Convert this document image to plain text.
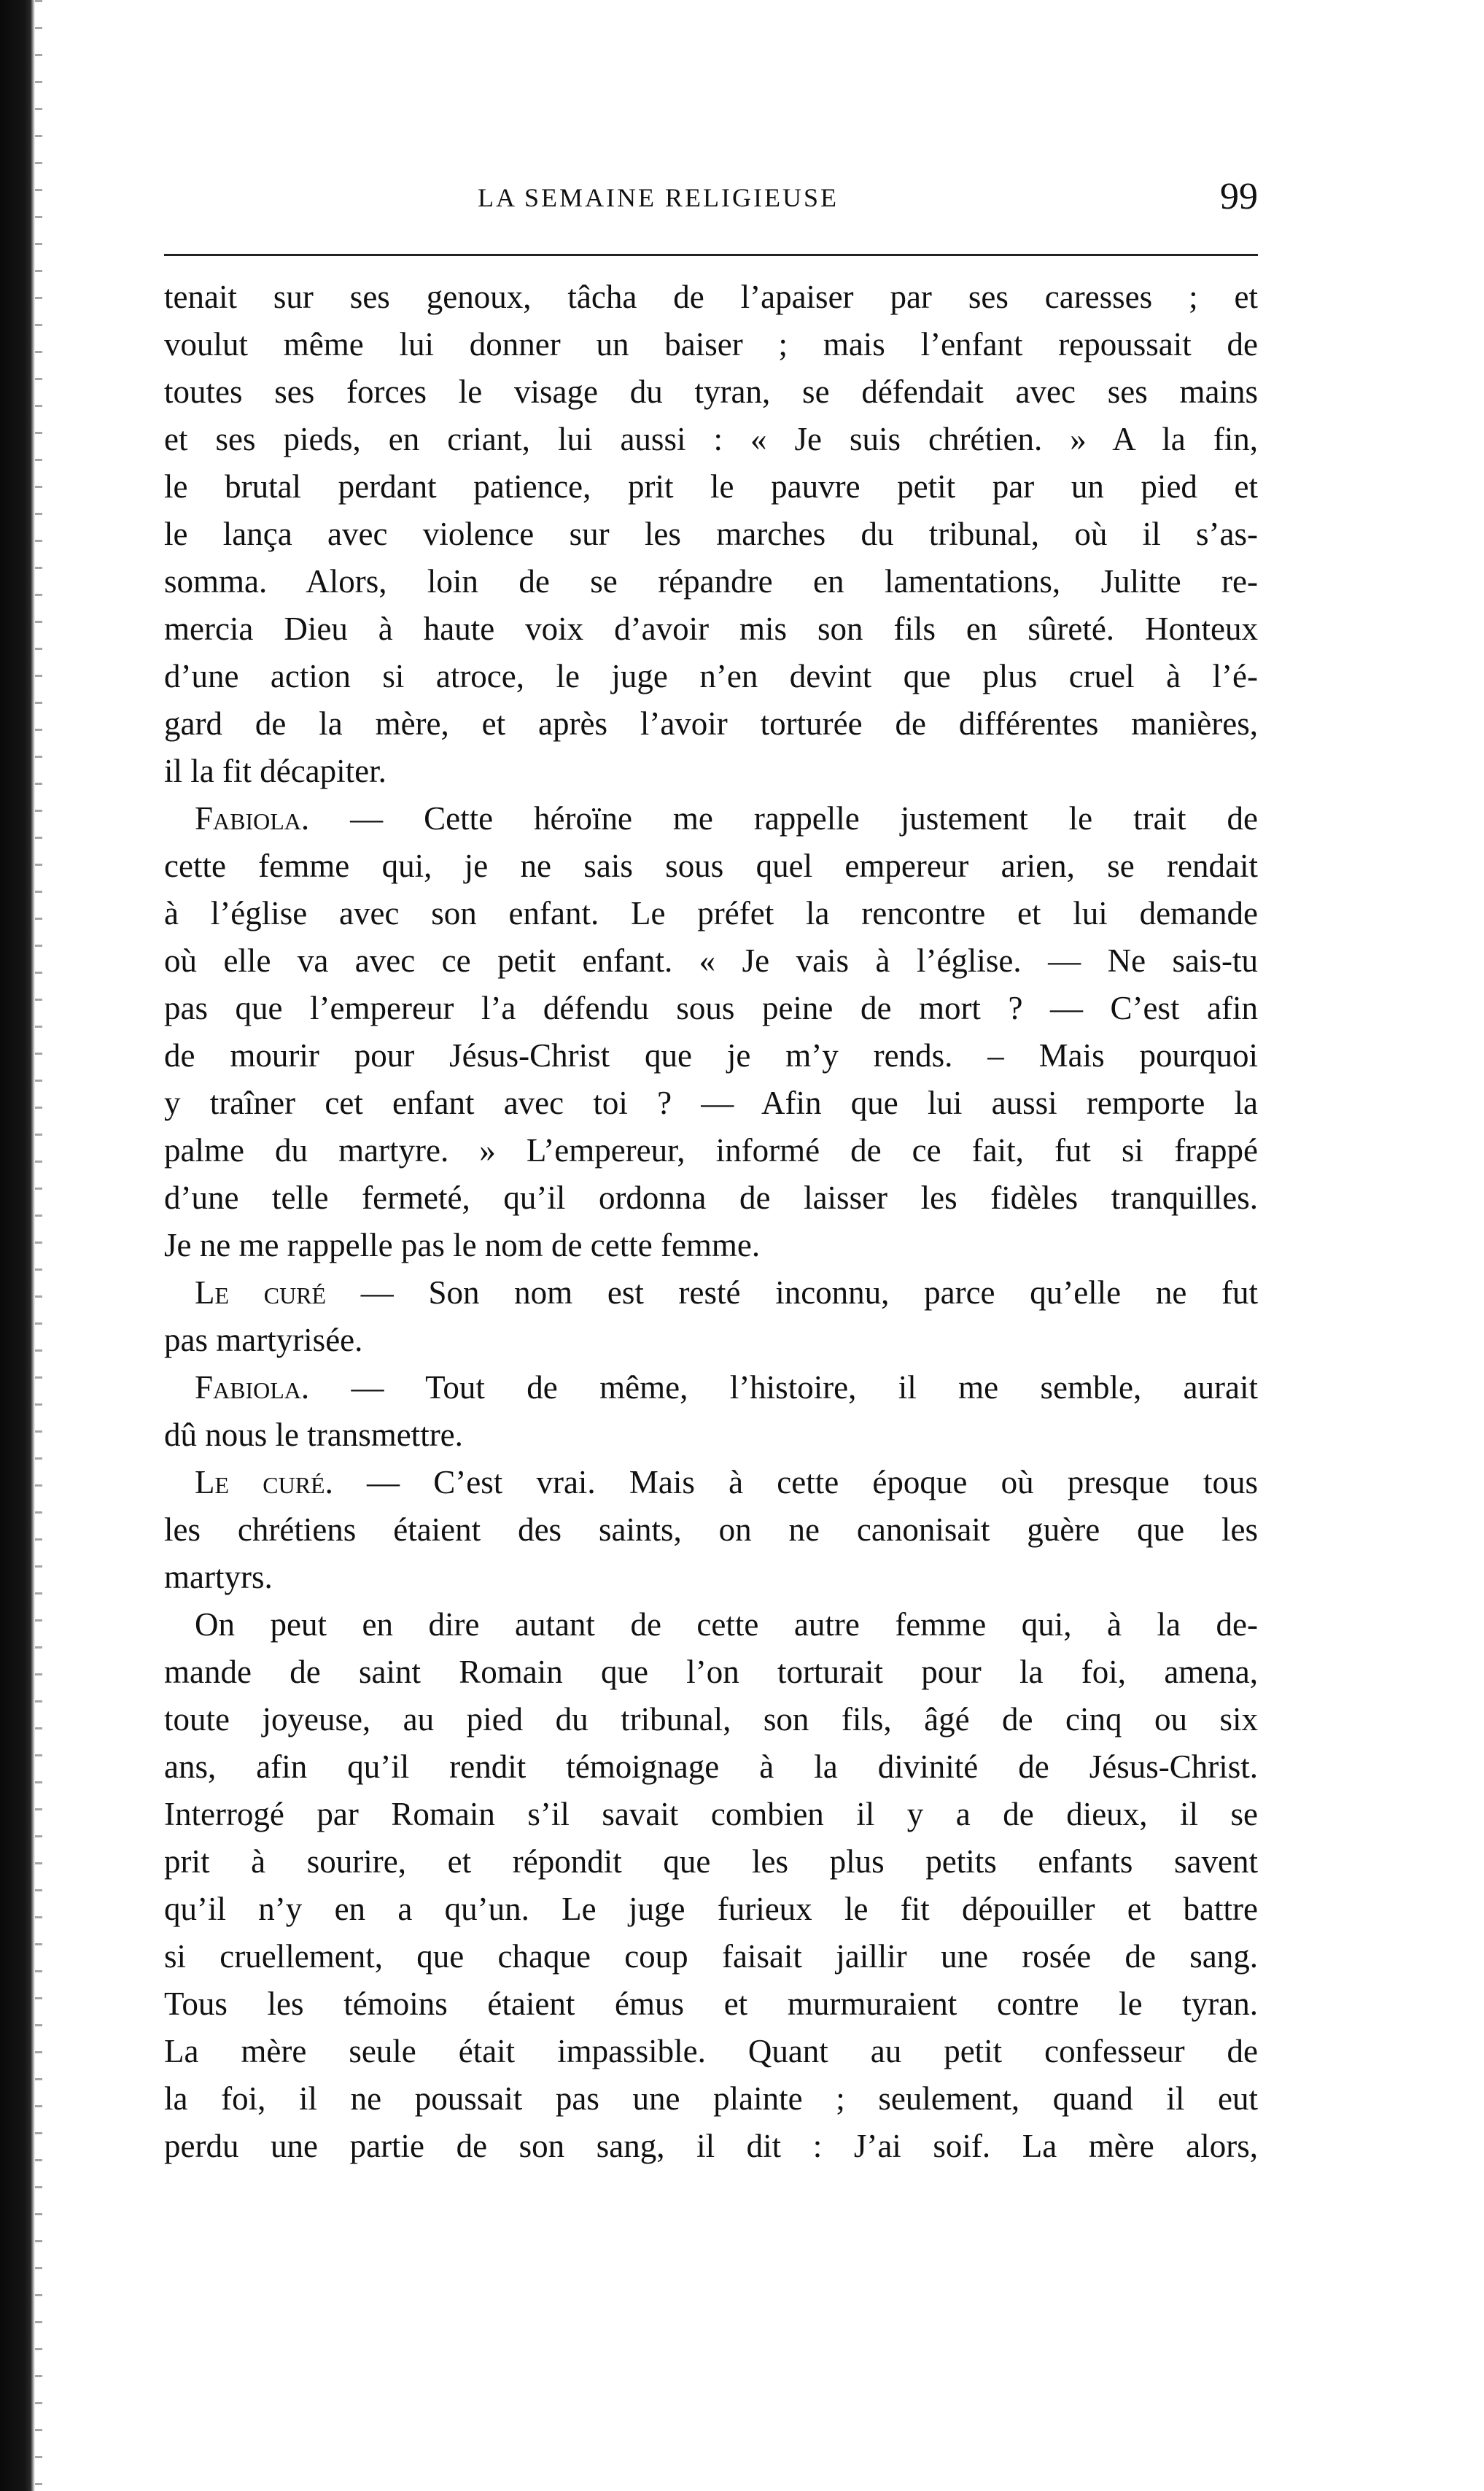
LA SEMAINE RELIGIEUSE	99
tenait sur ses genoux, tâcha de l’apaiser par ses caresses ; et
voulut même lui donner un baiser ; mais l’enfant repoussait de
toutes ses forces le visage du tyran, se défendait avec ses mains
et ses pieds, en criant, lui aussi : « Je suis chrétien. » A la fin,
le brutal perdant patience, prit le pauvre petit par un pied et
le lança avec violence sur les marches du tribunal, où il s’as-
somma. Alors, loin de se répandre en lamentations, Julitte re-
mercia Dieu à haute voix d’avoir mis son fils en sûreté. Honteux
d’une action si atroce, le juge n’en devint que plus cruel à l’é-
gard de la mère, et après l’avoir torturée de différentes manières,
il la fit décapiter.
Fabiola. — Cette héroïne me rappelle justement le trait de
cette femme qui, je ne sais sous quel empereur arien, se rendait
à l’église avec son enfant. Le préfet la rencontre et lui demande
où elle va avec ce petit enfant. « Je vais à l’église. — Ne sais-tu
pas que l’empereur l’a défendu sous peine de mort ? — C’est afin
de mourir pour Jésus-Christ que je m’y rends. – Mais pourquoi
y traîner cet enfant avec toi ? — Afin que lui aussi remporte la
palme du martyre. » L’empereur, informé de ce fait, fut si frappé
d’une telle fermeté, qu’il ordonna de laisser les fidèles tranquilles.
Je ne me rappelle pas le nom de cette femme.
Le curé — Son nom est resté inconnu, parce qu’elle ne fut
pas martyrisée.
Fabiola. — Tout de même, l’histoire, il me semble, aurait
dû nous le transmettre.
Le curé. — C’est vrai. Mais à cette époque où presque tous
les chrétiens étaient des saints, on ne canonisait guère que les
martyrs.
On peut en dire autant de cette autre femme qui, à la de-
mande de saint Romain que l’on torturait pour la foi, amena,
toute joyeuse, au pied du tribunal, son fils, âgé de cinq ou six
ans, afin qu’il rendit témoignage à la divinité de Jésus-Christ.
Interrogé par Romain s’il savait combien il y a de dieux, il se
prit à sourire, et répondit que les plus petits enfants savent
qu’il n’y en a qu’un. Le juge furieux le fit dépouiller et battre
si cruellement, que chaque coup faisait jaillir une rosée de sang.
Tous les témoins étaient émus et murmuraient contre le tyran.
La mère seule était impassible. Quant au petit confesseur de
la foi, il ne poussait pas une plainte ; seulement, quand il eut
perdu une partie de son sang, il dit : J’ai soif. La mère alors,
